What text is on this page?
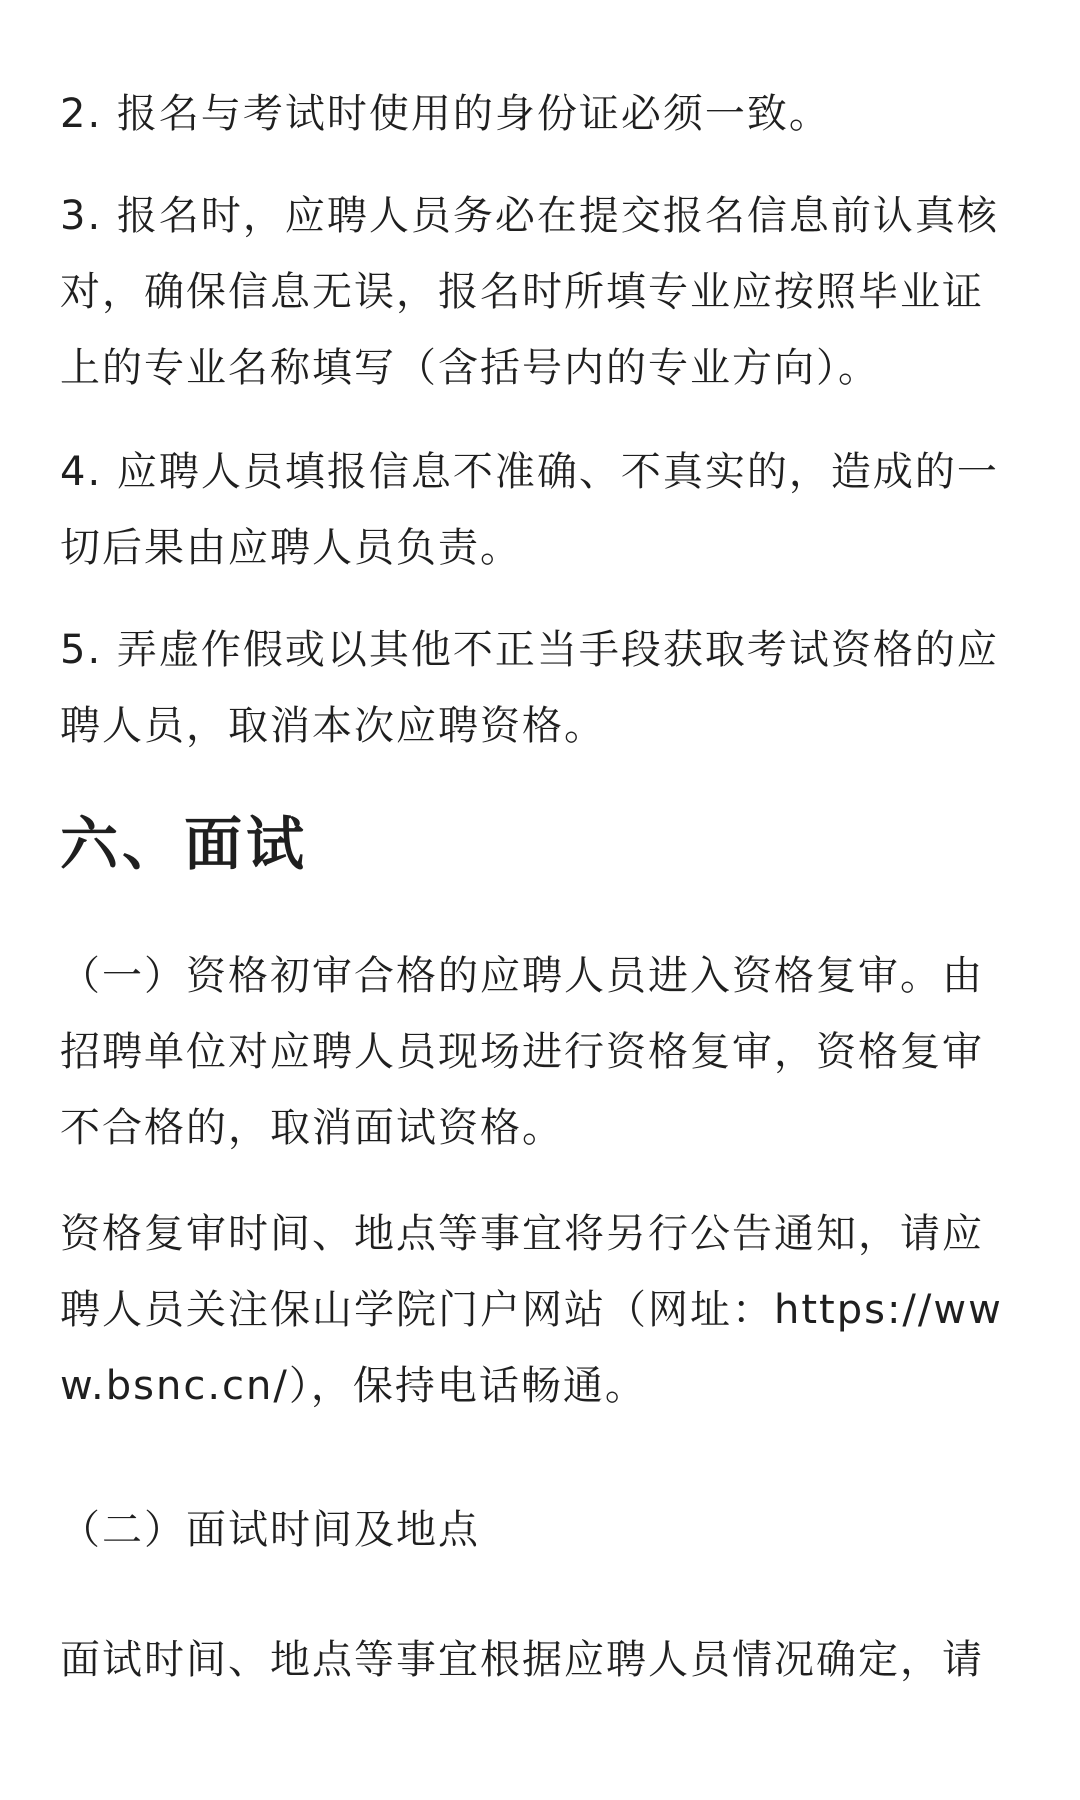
2. 报名与考试时使用的身份证必须一致。

3. 报名时，应聘人员务必在提交报名信息前认真核对，确保信息无误，报名时所填专业应按照毕业证上的专业名称填写（含括号内的专业方向）。

4. 应聘人员填报信息不准确、不真实的，造成的一切后果由应聘人员负责。

5. 弄虚作假或以其他不正当手段获取考试资格的应聘人员，取消本次应聘资格。

六、面试

（一）资格初审合格的应聘人员进入资格复审。由招聘单位对应聘人员现场进行资格复审，资格复审不合格的，取消面试资格。

资格复审时间、地点等事宜将另行公告通知，请应聘人员关注保山学院门户网站（网址：https://www.bsnc.cn/），保持电话畅通。

（二）面试时间及地点

面试时间、地点等事宜根据应聘人员情况确定，请
